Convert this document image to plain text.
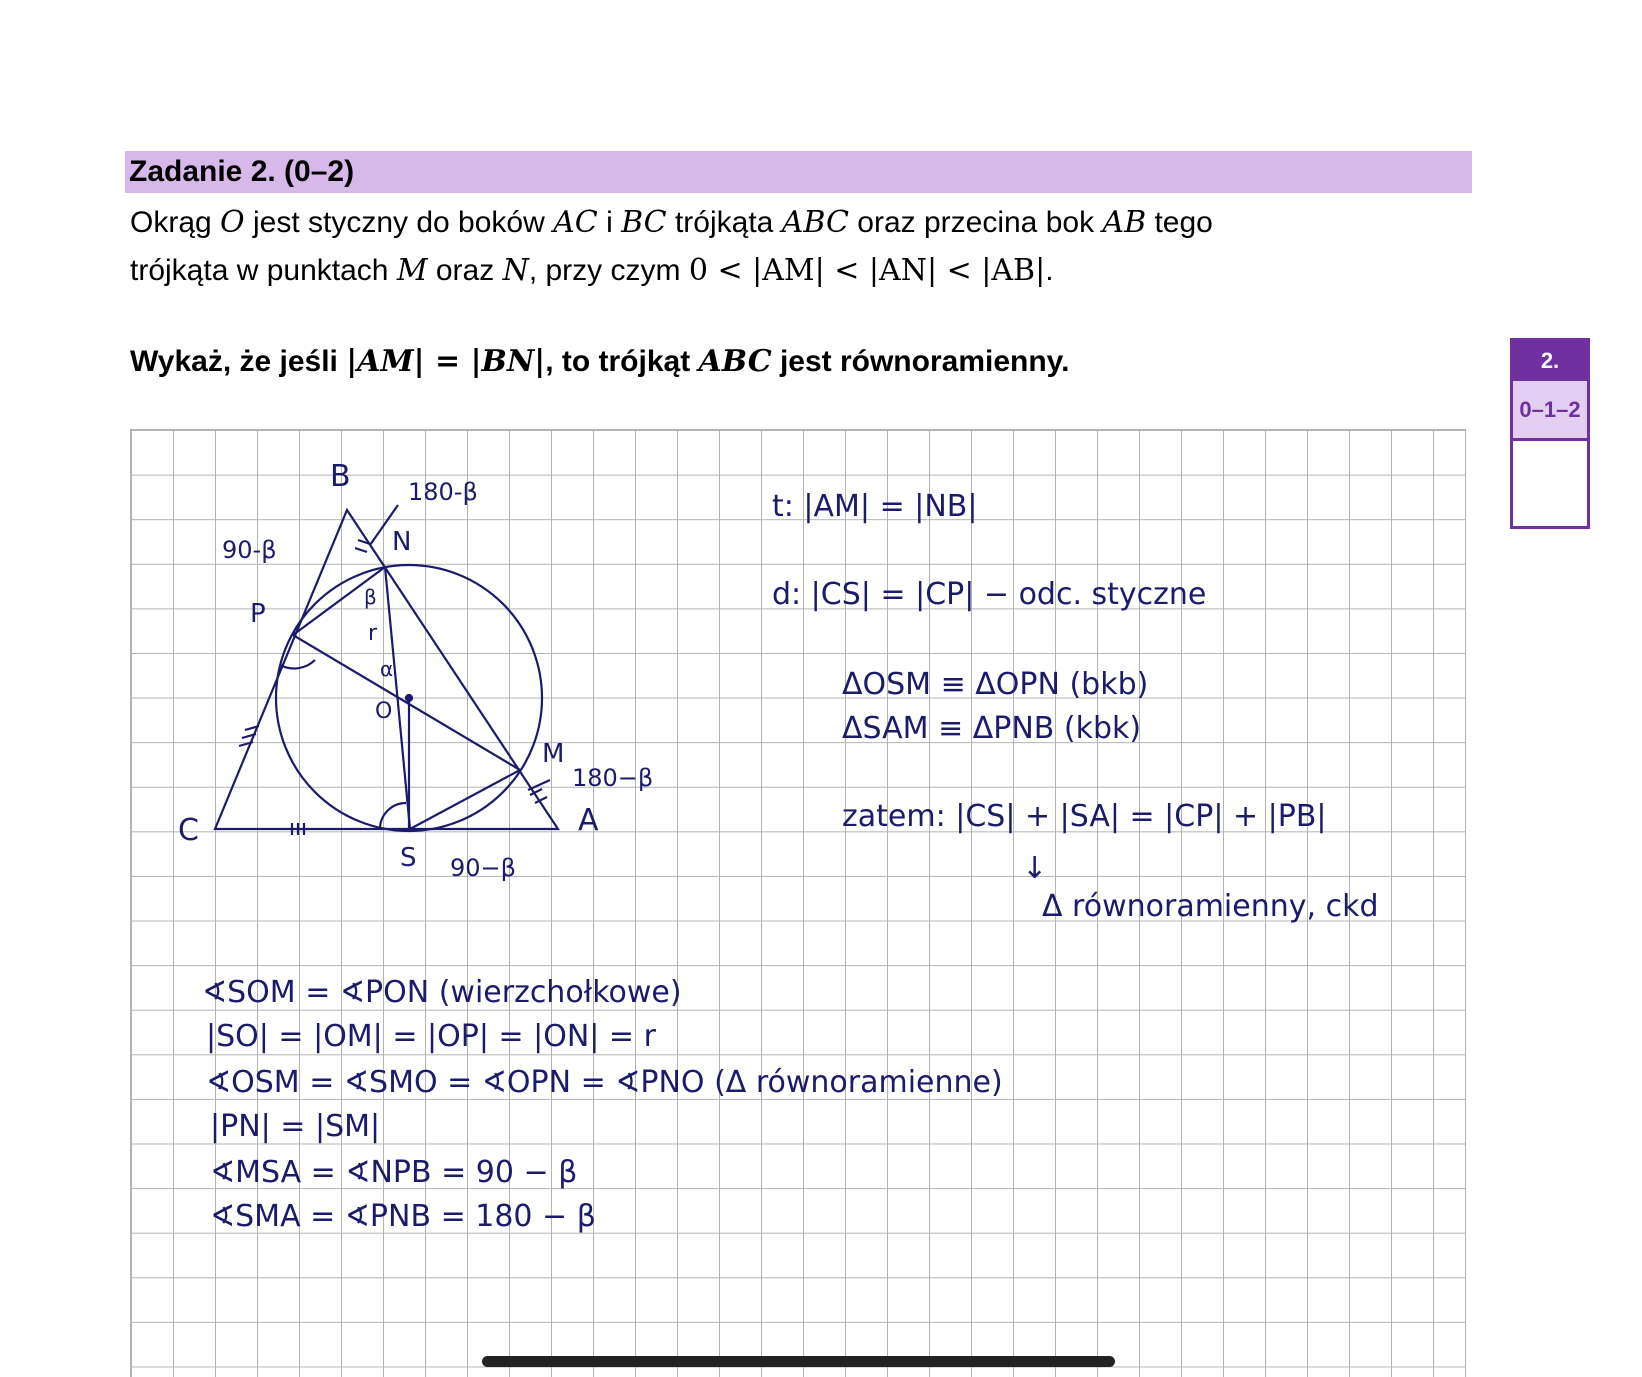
Zadanie 2. (0–2)
Okrąg O jest styczny do boków AC i BC trójkąta ABC oraz przecina bok AB tego
trójkąta w punktach M oraz N, przy czym 0 < |AM| < |AN| < |AB|.
Wykaż, że jeśli |AM| = |BN|, to trójkąt ABC jest równoramienny.	2.
0–1–2
B 180-β
N
90-β
P
C
S 90−β
A
M
180−β
O
β
α
r
t: |AM| = |NB|
d: |CS| = |CP| − odc. styczne
ΔOSM ≡ ΔOPN (bkb)
ΔSAM ≡ ΔPNB (kbk)
zatem: |CS| + |SA| = |CP| + |PB|
↓
Δ równoramienny, ckd
∢SOM = ∢PON (wierzchołkowe)
|SO| = |OM| = |OP| = |ON| = r
∢OSM = ∢SMO = ∢OPN = ∢PNO (Δ równoramienne)
|PN| = |SM|
∢MSA = ∢NPB = 90 − β
∢SMA = ∢PNB = 180 − β
